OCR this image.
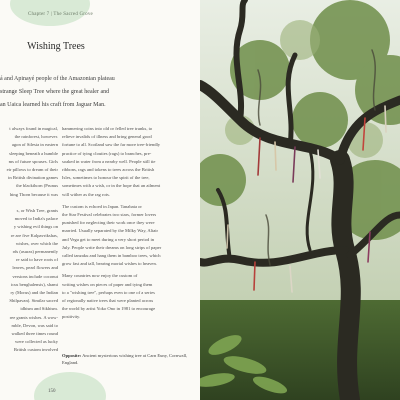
Chapter 7 | The Sacred Grove
Wishing Trees
á and Apinayé people of the Amazonian plateau
strange Sleep Tree where the great healer and
an Uaica learned his craft from Jaguar Man.
t always found in magical,
the rainforest, however.
agon of Silesia in eastern
sleeping beneath a humble
ms of future spouses. Girls
eir pillows to dream of their
in British divination games
the blackthorn (Prunus
hing Thorn because it was

s, or Wish Tree, grants
moved to India's palace
y wishing evil things on
re are five Kalpavrikshas,
wishes, over which the
rds (asuras) permanently
re said to have roots of
leaves, pearl flowers and
versions include coconut
icus benghalensis), shami
ry (Morus) and the Indian
Shilpavan). Similar sacred
idhism and Sikhism.
ree grants wishes. A wow-
mble, Devon, was said to
walked three times round
were collected as lucky
British custom involved
hammering coins into old or felled tree trunks, to
relieve invalids of illness and bring general good
fortune to all. Scotland saw the far more tree-friendly
practice of tying clouties (rags) to branches, pre-
soaked in water from a nearby well. People still tie
ribbons, rags and tokens to trees across the British
Isles, sometimes to honour the spirit of the tree,
sometimes with a wish, or in the hope that an ailment
will wither as the rag rots.
The custom is echoed in Japan. Tanabata or
the Star Festival celebrates two stars, former lovers
punished for neglecting their work once they were
married. Usually separated by the Milky Way, Altair
and Vega get to meet during a very short period in
July. People write their dreams on long strips of paper
called tanzaku and hang them in bamboo trees, which
grow fast and tall, bearing mortal wishes to heaven.
Many countries now enjoy the custom of
writing wishes on pieces of paper and tying them
to a "wishing tree", perhaps even to one of a series
of regionally native trees that were planted across
the world by artist Yoko Ono in 1981 to encourage
positivity.
Opposite: Ancient mysterious wishing tree at Carn Euny, Cornwall, England.
150
